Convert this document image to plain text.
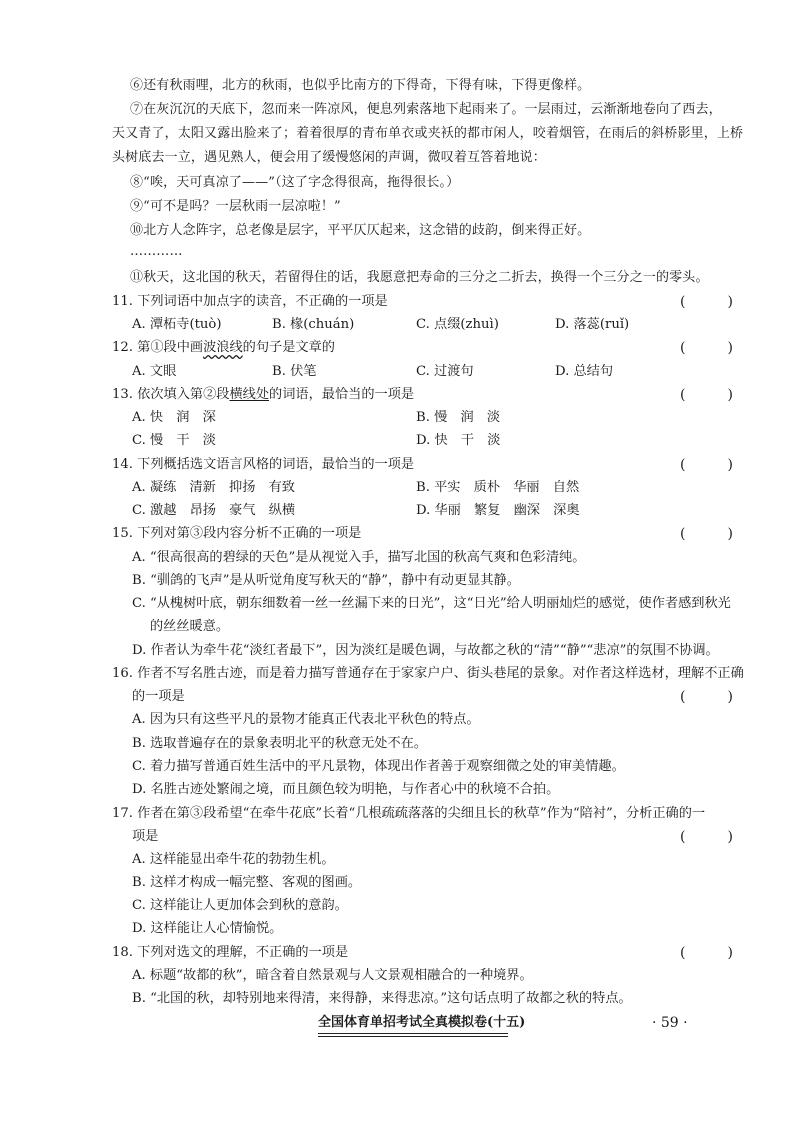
⑥还有秋雨哩，北方的秋雨，也似乎比南方的下得奇，下得有味，下得更像样。
⑦在灰沉沉的天底下，忽而来一阵凉风，便息列索落地下起雨来了。一层雨过，云渐渐地卷向了西去，
天又青了，太阳又露出脸来了；着着很厚的青布单衣或夹袄的都市闲人，咬着烟管，在雨后的斜桥影里，上桥
头树底去一立，遇见熟人，便会用了缓慢悠闲的声调，微叹着互答着地说：
⑧“唉，天可真凉了——”（这了字念得很高，拖得很长。）
⑨“可不是吗？一层秋雨一层凉啦！”
⑩北方人念阵字，总老像是层字，平平仄仄起来，这念错的歧韵，倒来得正好。
…………
⑪秋天，这北国的秋天，若留得住的话，我愿意把寿命的三分之二折去，换得一个三分之一的零头。
11. 下列词语中加点字的读音，不正确的一项是	(　　　)
A. 潭柘寺(tuò)	B. 椽(chuán)	C. 点缀(zhuì)	D. 落蕊(ruǐ)
12. 第①段中画波浪线的句子是文章的	(　　　)
A. 文眼	B. 伏笔	C. 过渡句	D. 总结句
13. 依次填入第②段横线处的词语，最恰当的一项是	(　　　)
A. 快　润　深	B. 慢　润　淡
C. 慢　干　淡	D. 快　干　淡
14. 下列概括选文语言风格的词语，最恰当的一项是	(　　　)
A. 凝练　清新　抑扬　有致	B. 平实　质朴　华丽　自然
C. 激越　昂扬　豪气　纵横	D. 华丽　繁复　幽深　深奥
15. 下列对第③段内容分析不正确的一项是	(　　　)
A. “很高很高的碧绿的天色”是从视觉入手，描写北国的秋高气爽和色彩清纯。
B. “驯鸽的飞声”是从听觉角度写秋天的“静”，静中有动更显其静。
C. “从槐树叶底，朝东细数着一丝一丝漏下来的日光”，这“日光”给人明丽灿烂的感觉，使作者感到秋光
的丝丝暖意。
D. 作者认为牵牛花“淡红者最下”，因为淡红是暖色调，与故都之秋的“清”“静”“悲凉”的氛围不协调。
16. 作者不写名胜古迹，而是着力描写普通存在于家家户户、街头巷尾的景象。对作者这样选材，理解不正确
的一项是	(　　　)
A. 因为只有这些平凡的景物才能真正代表北平秋色的特点。
B. 选取普遍存在的景象表明北平的秋意无处不在。
C. 着力描写普通百姓生活中的平凡景物，体现出作者善于观察细微之处的审美情趣。
D. 名胜古迹处繁闹之境，而且颜色较为明艳，与作者心中的秋境不合拍。
17. 作者在第③段希望“在牵牛花底”长着“几根疏疏落落的尖细且长的秋草”作为“陪衬”，分析正确的一
项是	(　　　)
A. 这样能显出牵牛花的勃勃生机。
B. 这样才构成一幅完整、客观的图画。
C. 这样能让人更加体会到秋的意韵。
D. 这样能让人心情愉悦。
18. 下列对选文的理解，不正确的一项是	(　　　)
A. 标题“故都的秋”，暗含着自然景观与人文景观相融合的一种境界。
B. “北国的秋，却特别地来得清，来得静，来得悲凉。”这句话点明了故都之秋的特点。
全国体育单招考试全真模拟卷(十五)	· 59 ·
